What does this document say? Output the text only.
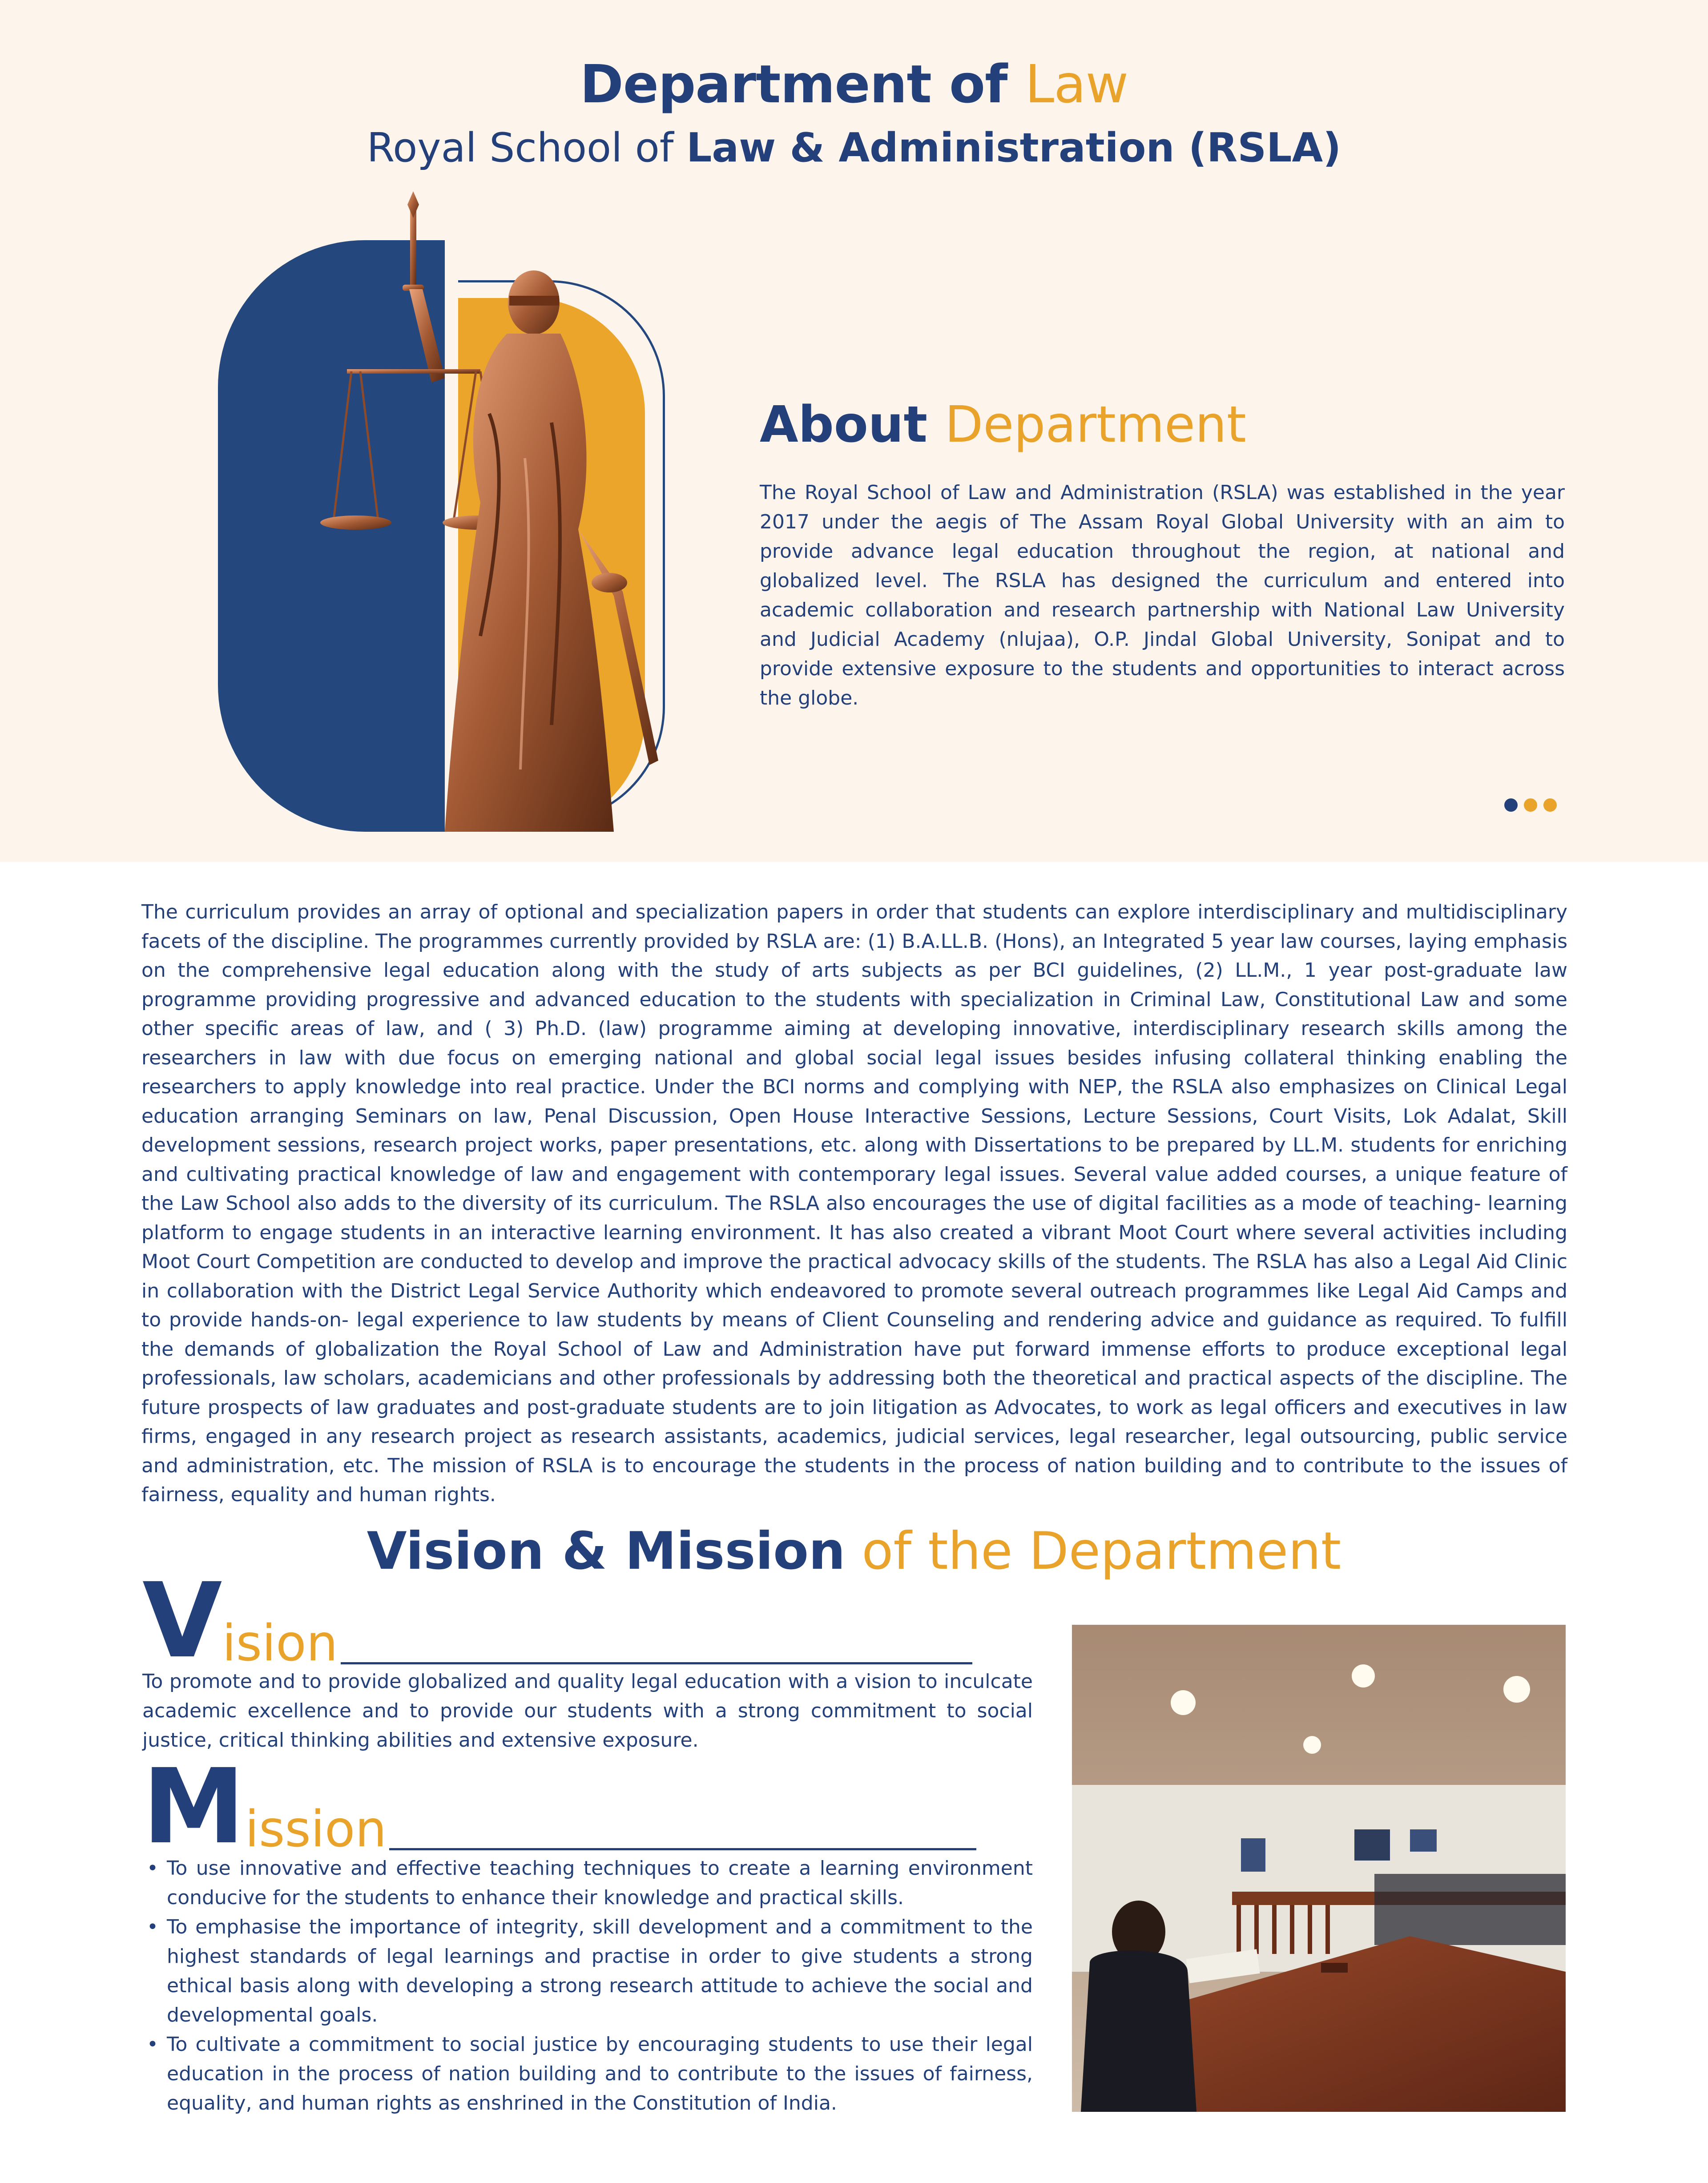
Department of Law
Royal School of Law & Administration (RSLA)
About Department
The Royal School of Law and Administration (RSLA) was established in the year 2017 under the aegis of The Assam Royal Global University with an aim to provide advance legal education throughout the region, at national and globalized level. The RSLA has designed the curriculum and entered into academic collaboration and research partnership with National Law University and Judicial Academy (nlujaa), O.P. Jindal Global University, Sonipat and to provide extensive exposure to the students and opportunities to interact across the globe.
The curriculum provides an array of optional and specialization papers in order that students can explore interdisciplinary and multidisciplinary facets of the discipline. The programmes currently provided by RSLA are: (1) B.A.LL.B. (Hons), an Integrated 5 year law courses, laying emphasis on the comprehensive legal education along with the study of arts subjects as per BCI guidelines, (2) LL.M., 1 year post-graduate law programme providing progressive and advanced education to the students with specialization in Criminal Law, Constitutional Law and some other specific areas of law, and ( 3) Ph.D. (law) programme aiming at developing innovative, interdisciplinary research skills among the researchers in law with due focus on emerging national and global social legal issues besides infusing collateral thinking enabling the researchers to apply knowledge into real practice. Under the BCI norms and complying with NEP, the RSLA also emphasizes on Clinical Legal education arranging Seminars on law, Penal Discussion, Open House Interactive Sessions, Lecture Sessions, Court Visits, Lok Adalat, Skill development sessions, research project works, paper presentations, etc. along with Dissertations to be prepared by LL.M. students for enriching and cultivating practical knowledge of law and engagement with contemporary legal issues. Several value added courses, a unique feature of the Law School also adds to the diversity of its curriculum. The RSLA also encourages the use of digital facilities as a mode of teaching- learning platform to engage students in an interactive learning environment. It has also created a vibrant Moot Court where several activities including Moot Court Competition are conducted to develop and improve the practical advocacy skills of the students. The RSLA has also a Legal Aid Clinic in collaboration with the District Legal Service Authority which endeavored to promote several outreach programmes like Legal Aid Camps and to provide hands-on- legal experience to law students by means of Client Counseling and rendering advice and guidance as required. To fulfill the demands of globalization the Royal School of Law and Administration have put forward immense efforts to produce exceptional legal professionals, law scholars, academicians and other professionals by addressing both the theoretical and practical aspects of the discipline. The future prospects of law graduates and post-graduate students are to join litigation as Advocates, to work as legal officers and executives in law firms, engaged in any research project as research assistants, academics, judicial services, legal researcher, legal outsourcing, public service and administration, etc. The mission of RSLA is to encourage the students in the process of nation building and to contribute to the issues of fairness, equality and human rights.
Vision & Mission of the Department
V ision
To promote and to provide globalized and quality legal education with a vision to inculcate academic excellence and to provide our students with a strong commitment to social justice, critical thinking abilities and extensive exposure.
M ission
• To use innovative and effective teaching techniques to create a learning environment conducive for the students to enhance their knowledge and practical skills.
• To emphasise the importance of integrity, skill development and a commitment to the highest standards of legal learnings and practise in order to give students a strong ethical basis along with developing a strong research attitude to achieve the social and developmental goals.
• To cultivate a commitment to social justice by encouraging students to use their legal education in the process of nation building and to contribute to the issues of fairness, equality, and human rights as enshrined in the Constitution of India.
